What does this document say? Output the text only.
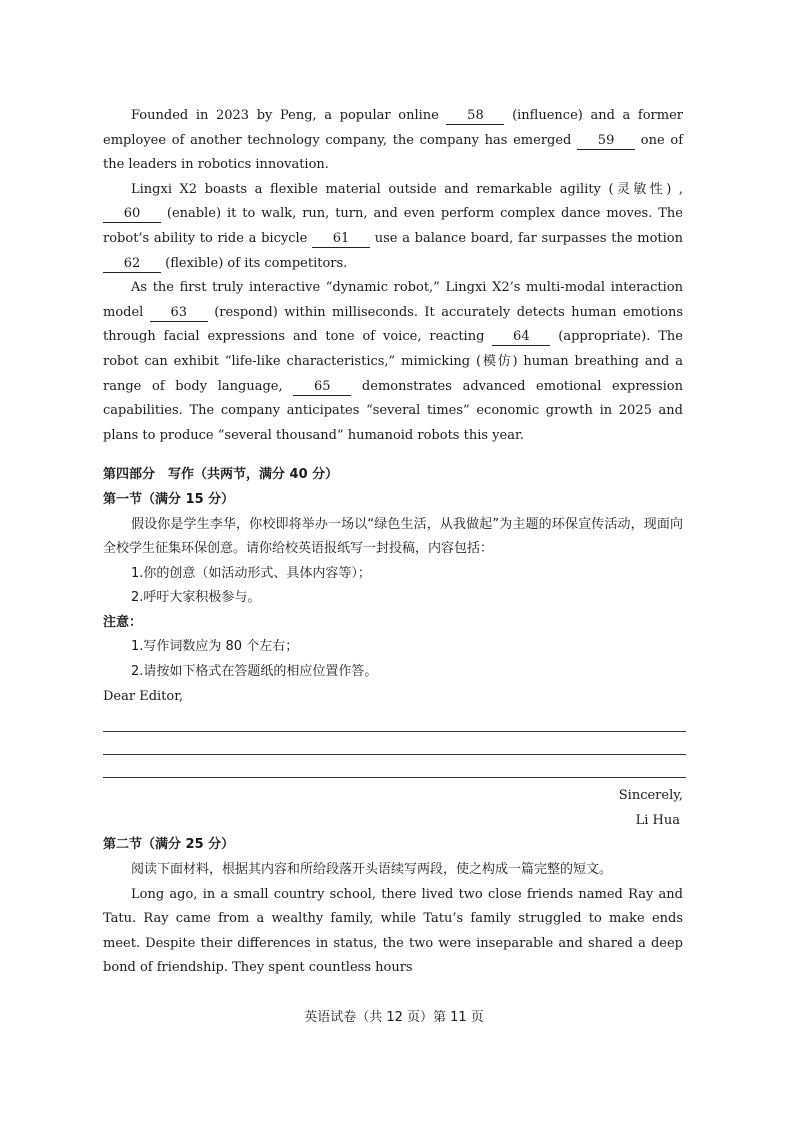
Founded in 2023 by Peng, a popular online 58 (influence) and a former employee of another technology company, the company has emerged 59 one of the leaders in robotics innovation.

Lingxi X2 boasts a flexible material outside and remarkable agility (灵敏性) , 60 (enable) it to walk, run, turn, and even perform complex dance moves. The robot’s ability to ride a bicycle 61 use a balance board, far surpasses the motion 62 (flexible) of its competitors.

As the first truly interactive “dynamic robot,” Lingxi X2’s multi-modal interaction model 63 (respond) within milliseconds. It accurately detects human emotions through facial expressions and tone of voice, reacting 64 (appropriate). The robot can exhibit “life-like characteristics,” mimicking (模仿) human breathing and a range of body language, 65 demonstrates advanced emotional expression capabilities. The company anticipates “several times” economic growth in 2025 and plans to produce “several thousand” humanoid robots this year.

第四部分　写作（共两节，满分 40 分）

第一节（满分 15 分）

假设你是学生李华，你校即将举办一场以“绿色生活，从我做起”为主题的环保宣传活动，现面向全校学生征集环保创意。请你给校英语报纸写一封投稿，内容包括：

1.你的创意（如活动形式、具体内容等）；

2.呼吁大家积极参与。

注意：

1.写作词数应为 80 个左右；

2.请按如下格式在答题纸的相应位置作答。

Dear Editor,

Sincerely,

Li Hua

第二节（满分 25 分）

阅读下面材料，根据其内容和所给段落开头语续写两段，使之构成一篇完整的短文。

Long ago, in a small country school, there lived two close friends named Ray and Tatu. Ray came from a wealthy family, while Tatu’s family struggled to make ends meet. Despite their differences in status, the two were inseparable and shared a deep bond of friendship. They spent countless hours

英语试卷（共 12 页）第 11 页
